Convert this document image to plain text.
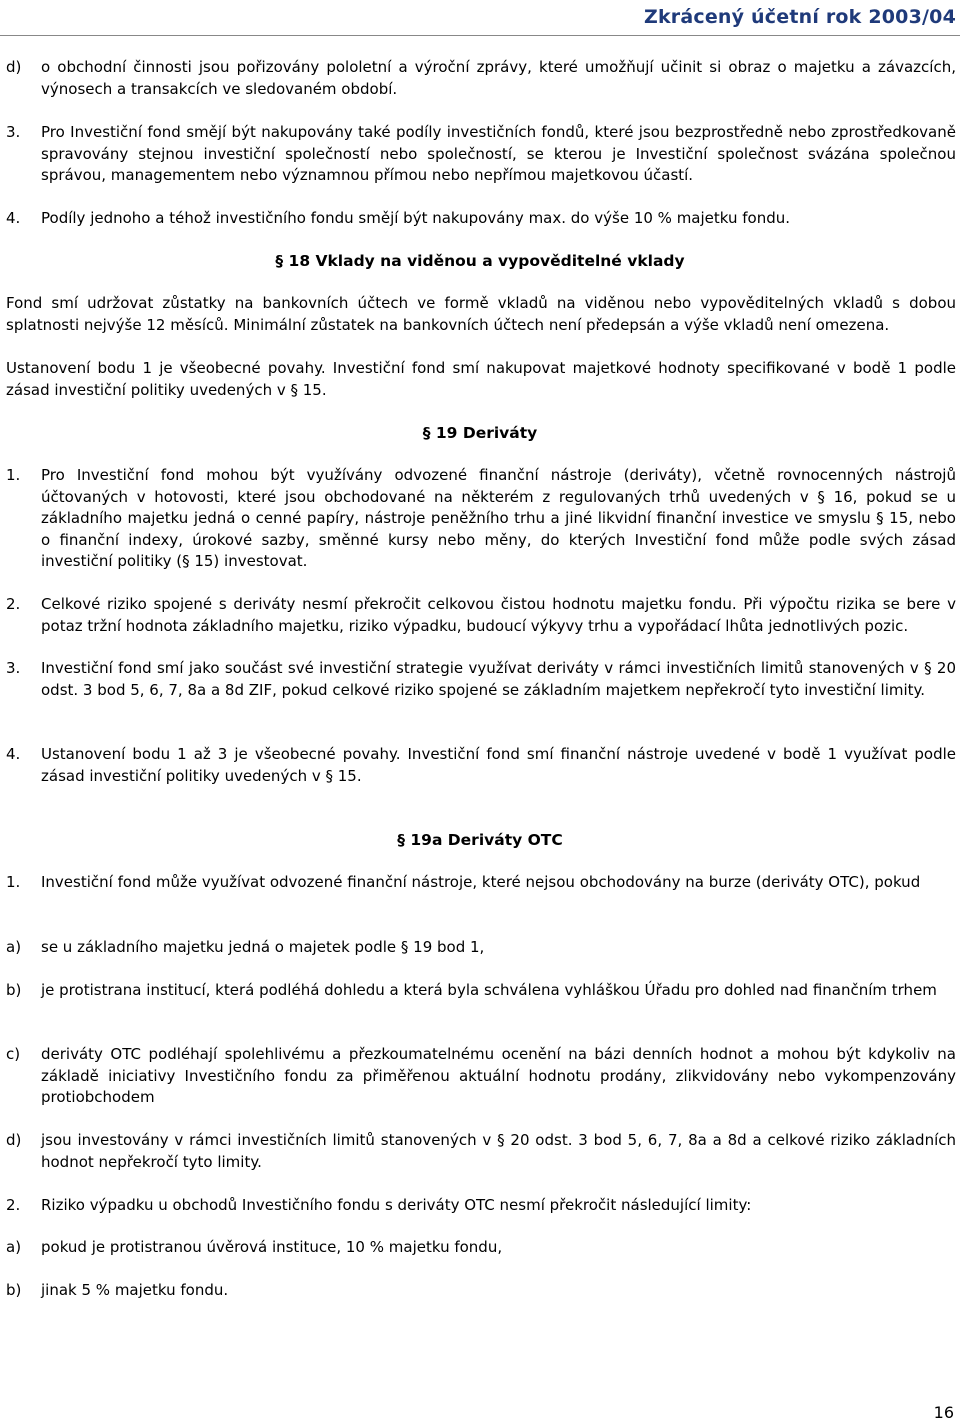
Zkrácený účetní rok 2003/04
d)	o obchodní činnosti jsou pořizovány pololetní a výroční zprávy, které umožňují učinit si obraz o majetku a závazcích, výnosech a transakcích ve sledovaném období.
3.	Pro Investiční fond smějí být nakupovány také podíly investičních fondů, které jsou bezprostředně nebo zprostředkovaně spravovány stejnou investiční společností nebo společností, se kterou je Investiční společnost svázána společnou správou, managementem nebo významnou přímou nebo nepřímou majetkovou účastí.
4.	Podíly jednoho a téhož investičního fondu smějí být nakupovány max. do výše 10 % majetku fondu.
§ 18 Vklady na viděnou a vypověditelné vklady
Fond smí udržovat zůstatky na bankovních účtech ve formě vkladů na viděnou nebo vypověditelných vkladů s dobou splatnosti nejvýše 12 měsíců. Minimální zůstatek na bankovních účtech není předepsán a výše vkladů není omezena.
Ustanovení bodu 1 je všeobecné povahy. Investiční fond smí nakupovat majetkové hodnoty specifikované v bodě 1 podle zásad investiční politiky uvedených v § 15.
§ 19 Deriváty
1.	Pro Investiční fond mohou být využívány odvozené finanční nástroje (deriváty), včetně rovnocenných nástrojů účtovaných v hotovosti, které jsou obchodované na některém z regulovaných trhů uvedených v § 16, pokud se u základního majetku jedná o cenné papíry, nástroje peněžního trhu a jiné likvidní finanční investice ve smyslu § 15, nebo o finanční indexy, úrokové sazby, směnné kursy nebo měny, do kterých Investiční fond může podle svých zásad investiční politiky (§ 15) investovat.
2.	Celkové riziko spojené s deriváty nesmí překročit celkovou čistou hodnotu majetku fondu. Při výpočtu rizika se bere v potaz tržní hodnota základního majetku, riziko výpadku, budoucí výkyvy trhu a vypořádací lhůta jednotlivých pozic.
3.	Investiční fond smí jako součást své investiční strategie využívat deriváty v rámci investičních limitů stanovených v § 20 odst. 3 bod 5, 6, 7, 8a a 8d ZIF, pokud celkové riziko spojené se základním majetkem nepřekročí tyto investiční limity.
4.	Ustanovení bodu 1 až 3 je všeobecné povahy. Investiční fond smí finanční nástroje uvedené v bodě 1 využívat podle zásad investiční politiky uvedených v § 15.
§ 19a Deriváty OTC
1.	Investiční fond může využívat odvozené finanční nástroje, které nejsou obchodovány na burze (deriváty OTC), pokud
a)	se u základního majetku jedná o majetek podle § 19 bod 1,
b)	je protistrana institucí, která podléhá dohledu a která byla schválena vyhláškou Úřadu pro dohled nad finančním trhem
c)	deriváty OTC podléhají spolehlivému a přezkoumatelnému ocenění na bázi denních hodnot a mohou být kdykoliv na základě iniciativy Investičního fondu za přiměřenou aktuální hodnotu prodány, zlikvidovány nebo vykompenzovány protiobchodem
d)	jsou investovány v rámci investičních limitů stanovených v § 20 odst. 3 bod 5, 6, 7, 8a a 8d a celkové riziko základních hodnot nepřekročí tyto limity.
2.	Riziko výpadku u obchodů Investičního fondu s deriváty OTC nesmí překročit následující limity:
a)	pokud je protistranou úvěrová instituce, 10 % majetku fondu,
b)	jinak 5 % majetku fondu.
16
